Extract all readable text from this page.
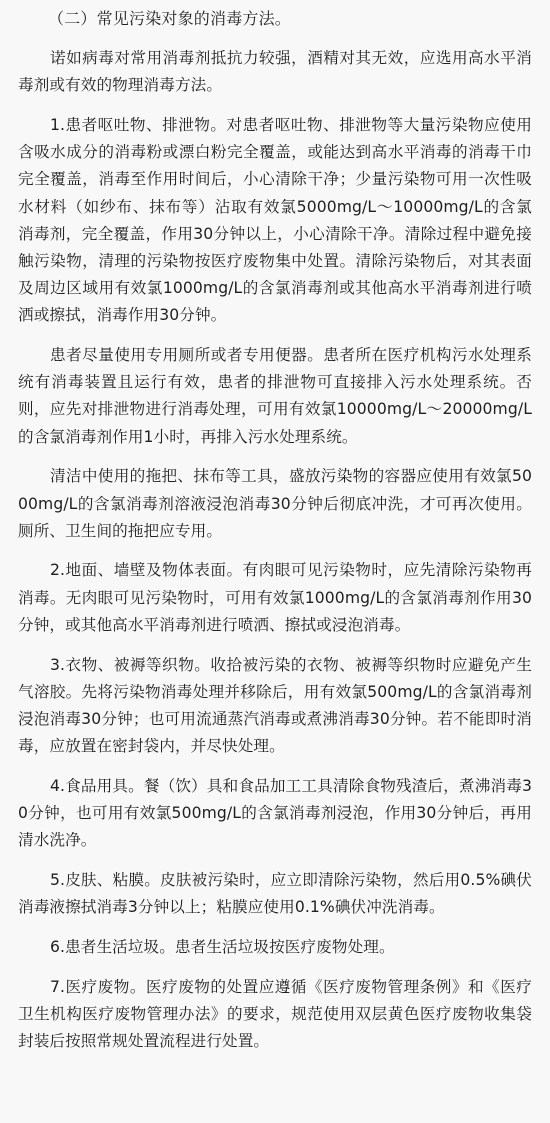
（二）常见污染对象的消毒方法。

诺如病毒对常用消毒剂抵抗力较强，酒精对其无效，应选用高水平消毒剂或有效的物理消毒方法。

1.患者呕吐物、排泄物。对患者呕吐物、排泄物等大量污染物应使用含吸水成分的消毒粉或漂白粉完全覆盖，或能达到高水平消毒的消毒干巾完全覆盖，消毒至作用时间后，小心清除干净；少量污染物可用一次性吸水材料（如纱布、抹布等）沾取有效氯5000mg/L～10000mg/L的含氯消毒剂，完全覆盖，作用30分钟以上，小心清除干净。清除过程中避免接触污染物，清理的污染物按医疗废物集中处置。清除污染物后，对其表面及周边区域用有效氯1000mg/L的含氯消毒剂或其他高水平消毒剂进行喷洒或擦拭，消毒作用30分钟。

患者尽量使用专用厕所或者专用便器。患者所在医疗机构污水处理系统有消毒装置且运行有效，患者的排泄物可直接排入污水处理系统。否则，应先对排泄物进行消毒处理，可用有效氯10000mg/L～20000mg/L的含氯消毒剂作用1小时，再排入污水处理系统。

清洁中使用的拖把、抹布等工具，盛放污染物的容器应使用有效氯5000mg/L的含氯消毒剂溶液浸泡消毒30分钟后彻底冲洗，才可再次使用。厕所、卫生间的拖把应专用。

2.地面、墙壁及物体表面。有肉眼可见污染物时，应先清除污染物再消毒。无肉眼可见污染物时，可用有效氯1000mg/L的含氯消毒剂作用30分钟，或其他高水平消毒剂进行喷洒、擦拭或浸泡消毒。

3.衣物、被褥等织物。收拾被污染的衣物、被褥等织物时应避免产生气溶胶。先将污染物消毒处理并移除后，用有效氯500mg/L的含氯消毒剂浸泡消毒30分钟；也可用流通蒸汽消毒或煮沸消毒30分钟。若不能即时消毒，应放置在密封袋内，并尽快处理。

4.食品用具。餐（饮）具和食品加工工具清除食物残渣后，煮沸消毒30分钟，也可用有效氯500mg/L的含氯消毒剂浸泡，作用30分钟后，再用清水洗净。

5.皮肤、粘膜。皮肤被污染时，应立即清除污染物，然后用0.5%碘伏消毒液擦拭消毒3分钟以上；粘膜应使用0.1%碘伏冲洗消毒。

6.患者生活垃圾。患者生活垃圾按医疗废物处理。

7.医疗废物。医疗废物的处置应遵循《医疗废物管理条例》和《医疗卫生机构医疗废物管理办法》的要求，规范使用双层黄色医疗废物收集袋封装后按照常规处置流程进行处置。
